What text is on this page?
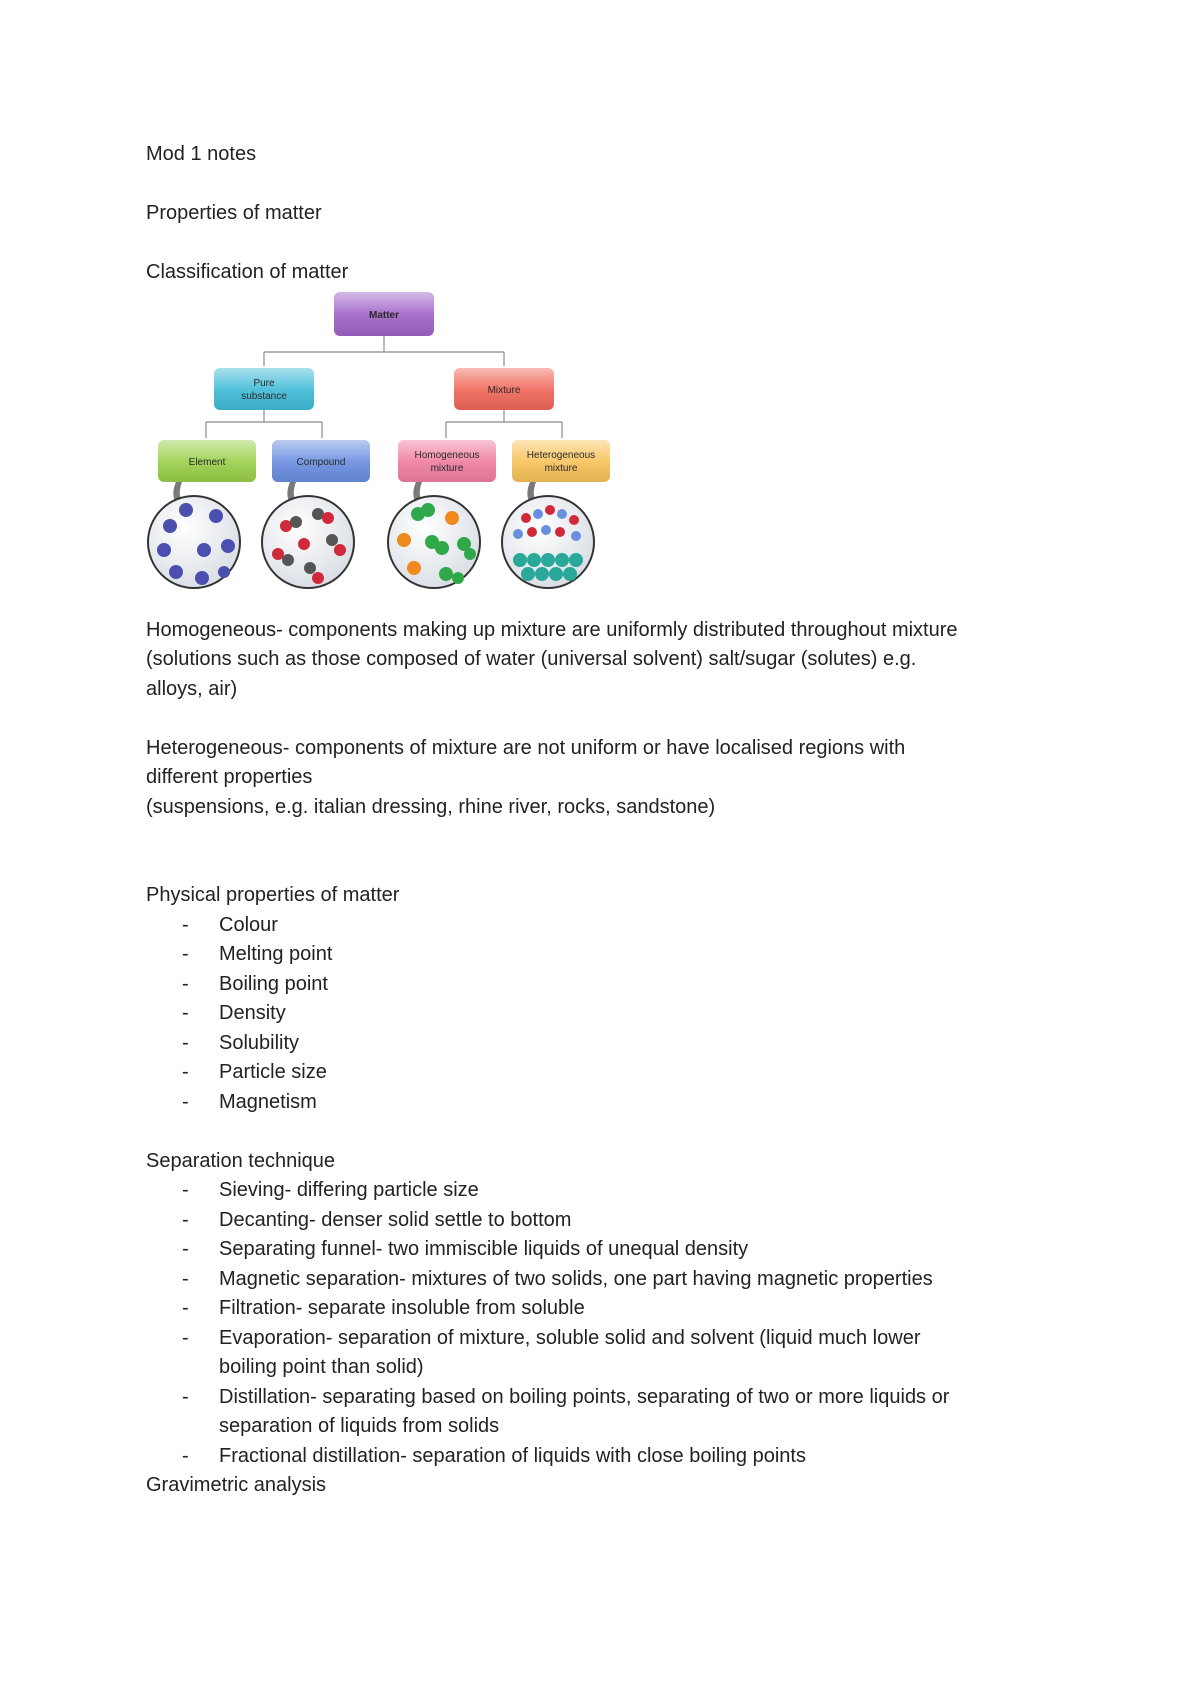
Mod 1 notes

Properties of matter

Classification of matter

Matter
Pure
substance
Mixture
Element	Compound
Homogeneous
mixture
Heterogeneous
mixture

Homogeneous- components making up mixture are uniformly distributed throughout mixture

(solutions such as those composed of water (universal solvent) salt/sugar (solutes) e.g.

alloys, air)

Heterogeneous- components of mixture are not uniform or have localised regions with

different properties

(suspensions, e.g. italian dressing, rhine river, rocks, sandstone)

Physical properties of matter

- Colour
- Melting point
- Boiling point
- Density
- Solubility
- Particle size
- Magnetism

Separation technique

- Sieving- differing particle size
- Decanting- denser solid settle to bottom
- Separating funnel- two immiscible liquids of unequal density
- Magnetic separation- mixtures of two solids, one part having magnetic properties
- Filtration- separate insoluble from soluble
- Evaporation- separation of mixture, soluble solid and solvent (liquid much lower
boiling point than solid)
- Distillation- separating based on boiling points, separating of two or more liquids or
separation of liquids from solids
- Fractional distillation- separation of liquids with close boiling points

Gravimetric analysis
